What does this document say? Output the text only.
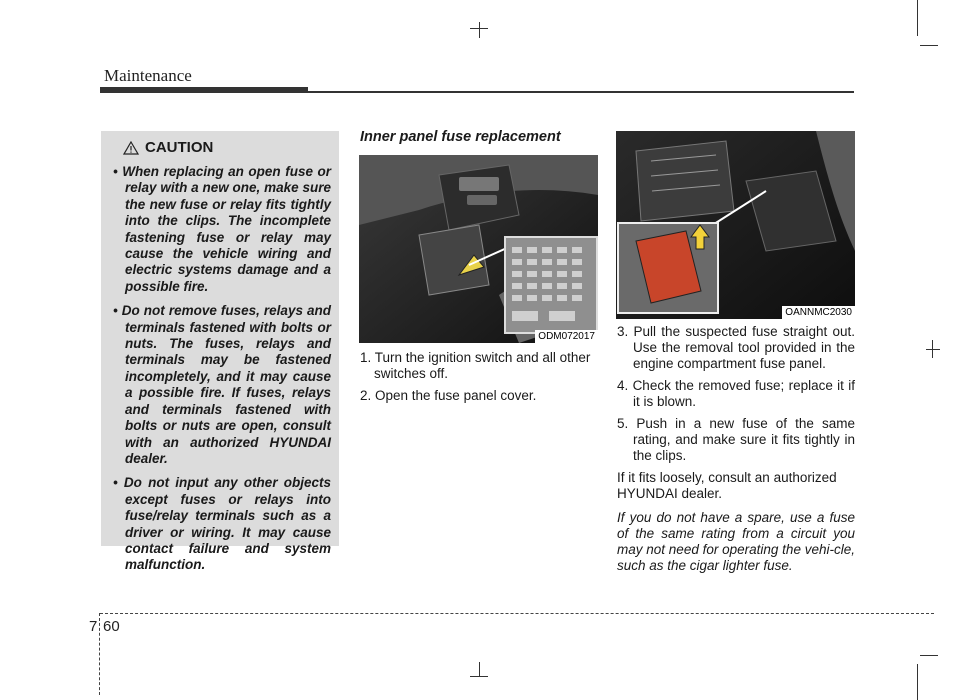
Maintenance
CAUTION
• When replacing an open fuse or relay with a new one, make sure the new fuse or relay fits tightly into the clips. The incomplete fastening fuse or relay may cause the vehicle wiring and electric systems damage and a possible fire.
• Do not remove fuses, relays and terminals fastened with bolts or nuts. The fuses, relays and terminals may be fastened incompletely, and it may cause a possible fire. If fuses, relays and terminals fastened with bolts or nuts are open, consult with an authorized HYUNDAI dealer.
• Do not input any other objects except fuses or relays into fuse/relay terminals such as a driver or wiring. It may cause contact failure and system malfunction.
Inner panel fuse replacement
ODM072017
1. Turn the ignition switch and all other switches off.
2. Open the fuse panel cover.
OANNMC2030
3. Pull the suspected fuse straight out. Use the removal tool provided in the engine compartment fuse panel.
4. Check the removed fuse; replace it if it is blown.
5. Push in a new fuse of the same rating, and make sure it fits tightly in the clips.
If it fits loosely, consult an authorized HYUNDAI dealer.
If you do not have a spare, use a fuse of the same rating from a circuit you may not need for operating the vehi-cle, such as the cigar lighter fuse.
7 60
